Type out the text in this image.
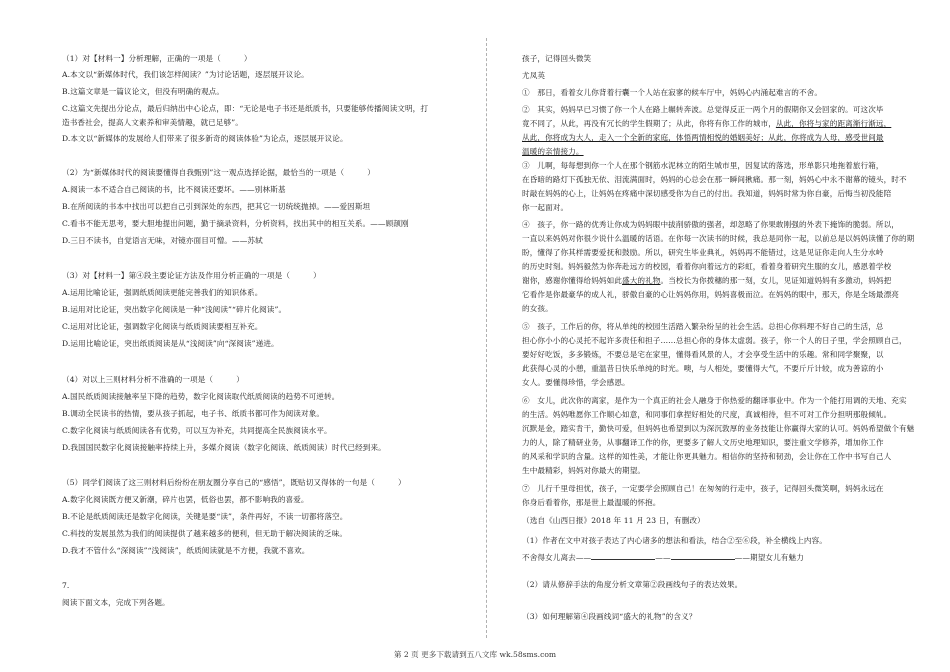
（1）对【材料一】分析理解，正确的一项是（　　　）
A.本文以“新媒体时代，我们该怎样阅读？”为讨论话题，逐层展开议论。
B.这篇文章是一篇议论文，但没有明确的观点。
C.这篇文先提出分论点，最后归纳出中心论点，即：“无论是电子书还是纸质书，只要能够传播阅读文明，打
造书香社会，提高人文素养和审美情趣，就已足够”。
D.本文以“新媒体的发展给人们带来了很多新奇的阅读体验”为论点，逐层展开议论。
（2）为“新媒体时代的阅读要懂得自我甄别”这一观点选择论据，最恰当的一项是（　　　）
A.阅读一本不适合自己阅读的书，比不阅读还要坏。——别林斯基
B.在所阅读的书本中找出可以把自己引到深处的东西，把其它一切统统抛掉。——爱因斯坦
C.看书不能无思考，要大胆地提出问题，勤于摘录资料，分析资料，找出其中的相互关系。——顾颉刚
D.三日不读书，自觉语言无味，对镜亦面目可憎。——苏轼
（3）对【材料一】第④段主要论证方法及作用分析正确的一项是（　　　）
A.运用比喻论证，强调纸质阅读更能完善我们的知识体系。
B.运用对比论证，突出数字化阅读是一种“浅阅读”“碎片化阅读”。
C.运用对比论证，强调数字化阅读与纸质阅读要相互补充。
D.运用比喻论证，突出纸质阅读是从“浅阅读”向“深阅读”递进。
（4）对以上三则材料分析不准确的一项是（　　　）
A.国民纸质阅读接触率呈下降的趋势，数字化阅读取代纸质阅读的趋势不可逆转。
B.调动全民读书的热情，要从孩子抓起，电子书、纸质书都可作为阅读对象。
C.数字化阅读与纸质阅读各有优势，可以互为补充，共同提高全民族阅读水平。
D.我国国民数字化阅读接触率持续上升，多媒介阅读（数字化阅读、纸质阅读）时代已经到来。
（5）同学们阅读了这三则材料后纷纷在朋友圈分享自己的“感悟”，既贴切又得体的一句是（　　　）
A.数字化阅读既方便又新潮，碎片也罢，低俗也罢，都不影响我的喜爱。
B.不论是纸质阅读还是数字化阅读，关键是要“读”，条件再好，不读一切都将落空。
C.科技的发展虽然为我们的阅读提供了越来越多的便利，但无助于解决阅读的乏味。
D.我才不管什么“深阅读”“浅阅读”，纸质阅读就是不方便，我就不喜欢。
7.
阅读下面文本，完成下列各题。
孩子，记得回头微笑
尤凤英
①　那日，看着女儿你背着行囊一个人站在寂寥的候车厅中，妈妈心内涌起难言的不舍。
②　其实，妈妈早已习惯了你一个人在路上辗转奔波。总觉得反正一两个月的假期你又会回家的。可这次毕
竟不同了，从此，再没有冗长的学生假期了；从此，你将有你工作的城市，从此，你将与家的距离渐行渐远，
从此，你将成为大人，走入一个全新的家庭，体悟两情相悦的婚姻美好；从此，你将成为人母，感受世间最
温暖的亲情接力。
③　儿啊，每每想到你一个人在那个钢筋水泥林立的陌生城市里，因复试的落选，形单影只地拖着旅行箱，
在昏暗的路灯下孤独无依、泪流满面时，妈妈的心总会在那一瞬间揪痛。那一刻，妈妈心中永不谢幕的镜头，时不
时敲在妈妈的心上，让妈妈在疼痛中深切感受你为自己的付出。我知道，妈妈时常为你自豪，后悔当初没能陪
你一起面对。
④　孩子，你一路的优秀让你成为妈妈眼中拔削骄傲的强者，却忽略了你果敢刚强的外表下掩饰的脆弱。所以，
一直以来妈妈对你很少说什么温暖的话语。在你每一次读书的时候，我总是同你一起，以前总是以妈妈读懂了你的期
盼，懂得了你其样需要爱抚和鼓励。所以，研究生毕业典礼，妈妈再不能错过，这是见证你走向人生分水岭
的历史时刻。妈妈毅然为你奔赴远方的校园，看着你向着远方的彩虹，看着身着研究生服的女儿，感恩着学校
谢你，感谢你懂得给妈妈如此盛大的礼物。当校长为你拨穗的那一刻，女儿，见证知道妈妈有多激动，妈妈把
它看作是你最豪华的成人礼，骄傲自豪的心让妈妈你用，妈妈喜极而泣。在妈妈的眼中，那天，你是全场最漂亮
的女孩。
⑤　孩子，工作后的你，将从单纯的校园生活踏入繁杂纷呈的社会生活。总担心你料理不好自己的生活，总
担心你小小的心灵托不起许多责任和担子……总担心你的身体太虚弱。孩子，你一个人的日子里，学会照顾自己，
要好好吃饭，多多锻炼，不要总是宅在家里，懂得看风景的人，才会享受生活中的乐趣。常和同学聚聚，以
此获得心灵的小憩，重温昔日快乐单纯的时光。噢，与人相处，要懂得大气，不要斤斤计较，成为善谅的小
女人。要懂得珍惜，学会感恩。
⑥　女儿，此次你的离家，是作为一个真正的社会人融身于你热爱的翻译事业中。作为一个能打用调的天地、充实
的生活。妈妈唯愿你工作顺心如意，和同事们拿捏好相处的尺度，真诚相待，但不可对工作分担明那般倾轧。
沉默是金，踏实肯干，勤快可爱，但妈妈也希望到以为深沉敦厚的业务技能让你赢得大家的认可。妈妈希望做个有魅
力的人，除了精研业务，从事翻译工作的你，更要多了解人文历史地理知识，要注重文学修养，增加你工作
的风采和学识的含量。这样的知性美，才能让你更具魅力。相信你的坚持和韧劲，会让你在工作中书写自己人
生中最精彩，妈妈对你最大的期望。
⑦　儿行千里母担忧，孩子，一定要学会照顾自己！在匆匆的行走中，孩子，记得回头微笑啊，妈妈永远在
你身后看着你，那是世上最温暖的怀抱。
（选自《山西日报》2018 年 11 月 23 日，有删改）
（1）作者在文中对孩子表达了内心诸多的想法和看法，结合②至⑥段，补全横线上内容。
不舍得女儿离去——	——	——期望女儿有魅力
（2）请从修辞手法的角度分析文章第②段画线句子的表达效果。
（3）如何理解第④段画线词“盛大的礼物”的含义？
第 2 页 更多下载请到五八文库 wk.58sms.com
